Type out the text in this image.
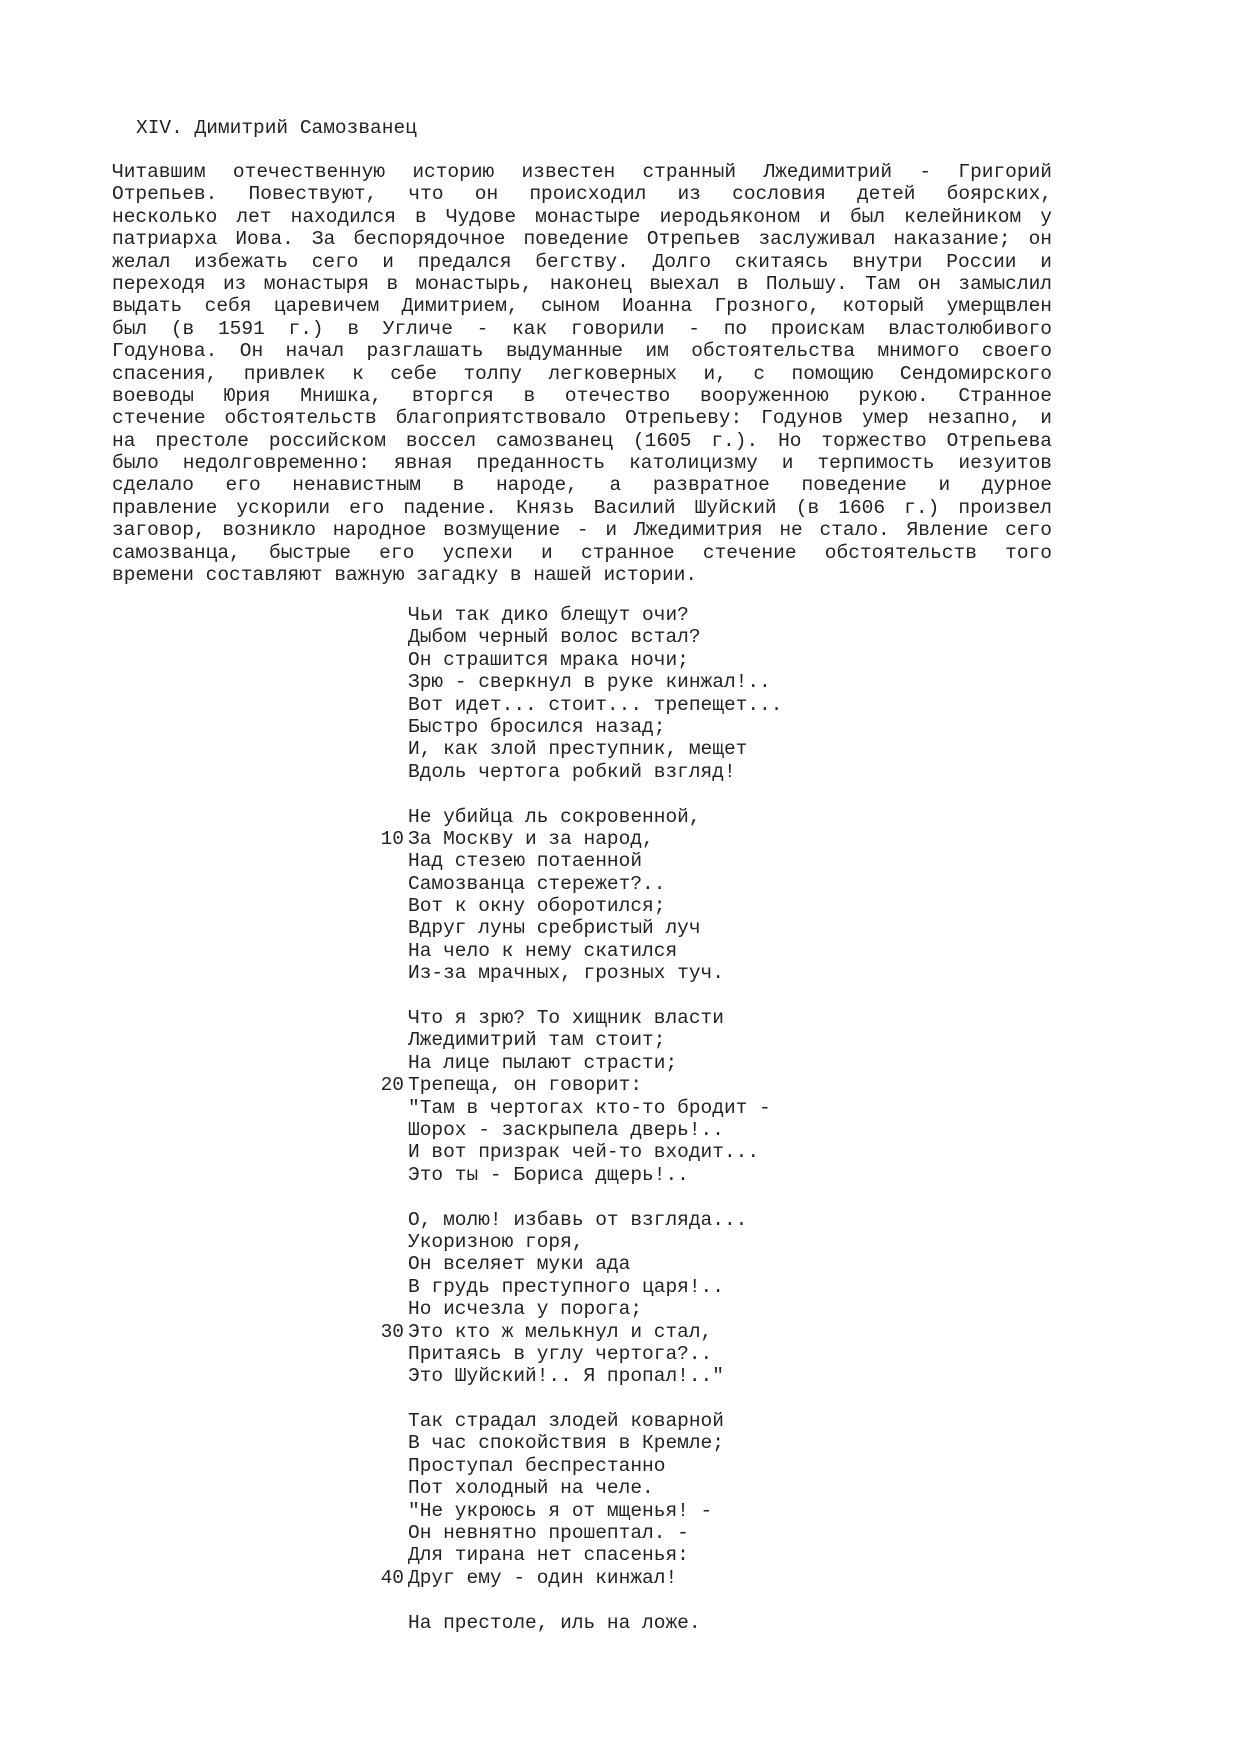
XIV. Димитрий Самозванец
Читавшим отечественную историю известен странный Лжедимитрий - Григорий
Отрепьев. Повествуют, что он происходил из сословия детей боярских,
несколько лет находился в Чудове монастыре иеродьяконом и был келейником у
патриарха Иова. За беспорядочное поведение Отрепьев заслуживал наказание; он
желал избежать сего и предался бегству. Долго скитаясь внутри России и
переходя из монастыря в монастырь, наконец выехал в Польшу. Там он замыслил
выдать себя царевичем Димитрием, сыном Иоанна Грозного, который умерщвлен
был (в 1591 г.) в Угличе - как говорили - по проискам властолюбивого
Годунова. Он начал разглашать выдуманные им обстоятельства мнимого своего
спасения, привлек к себе толпу легковерных и, с помощию Сендомирского
воеводы Юрия Мнишка, вторгся в отечество вооруженною рукою. Странное
стечение обстоятельств благоприятствовало Отрепьеву: Годунов умер незапно, и
на престоле российском воссел самозванец (1605 г.). Но торжество Отрепьева
было недолговременно: явная преданность католицизму и терпимость иезуитов
сделало его ненавистным в народе, а развратное поведение и дурное
правление ускорили его падение. Князь Василий Шуйский (в 1606 г.) произвел
заговор, возникло народное возмущение - и Лжедимитрия не стало. Явление сего
самозванца, быстрые его успехи и странное стечение обстоятельств того
времени составляют важную загадку в нашей истории.
Чьи так дико блещут очи?
Дыбом черный волос встал?
Он страшится мрака ночи;
Зрю - сверкнул в руке кинжал!..
Вот идет... стоит... трепещет...
Быстро бросился назад;
И, как злой преступник, мещет
Вдоль чертога робкий взгляд!
Не убийца ль сокровенной,
10 За Москву и за народ,
Над стезею потаенной
Самозванца стережет?..
Вот к окну оборотился;
Вдруг луны сребристый луч
На чело к нему скатился
Из-за мрачных, грозных туч.
Что я зрю? То хищник власти
Лжедимитрий там стоит;
На лице пылают страсти;
20 Трепеща, он говорит:
"Там в чертогах кто-то бродит -
Шорох - заскрыпела дверь!..
И вот призрак чей-то входит...
Это ты - Бориса дщерь!..
О, молю! избавь от взгляда...
Укоризною горя,
Он вселяет муки ада
В грудь преступного царя!..
Но исчезла у порога;
30 Это кто ж мелькнул и стал,
Притаясь в углу чертога?..
Это Шуйский!.. Я пропал!.."
Так страдал злодей коварной
В час спокойствия в Кремле;
Проступал беспрестанно
Пот холодный на челе.
"Не укроюсь я от мщенья! -
Он невнятно прошептал. -
Для тирана нет спасенья:
40 Друг ему - один кинжал!
На престоле, иль на ложе.
